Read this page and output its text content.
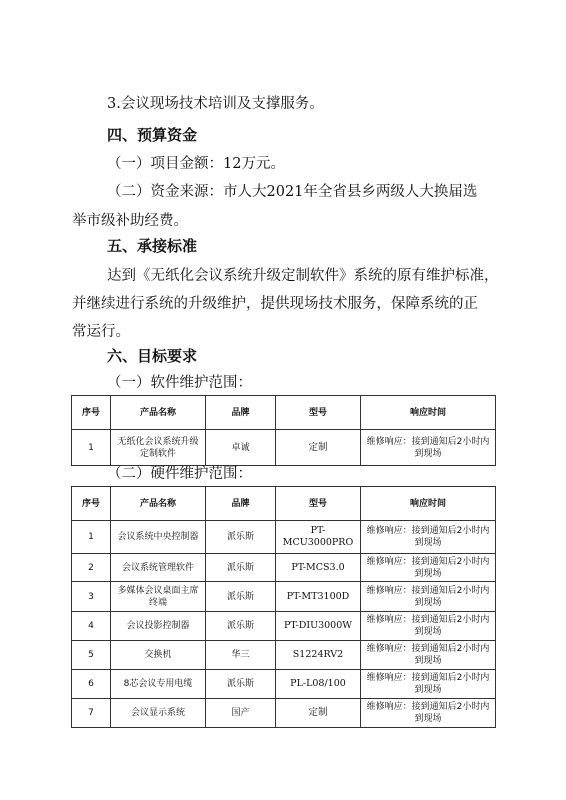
3.会议现场技术培训及支撑服务。
四、预算资金
（一）项目金额：12万元。
（二）资金来源：市人大2021年全省县乡两级人大换届选
举市级补助经费。
五、承接标准
达到《无纸化会议系统升级定制软件》系统的原有维护标准，
并继续进行系统的升级维护，提供现场技术服务，保障系统的正
常运行。
六、目标要求
（一）软件维护范围：
序号	产品名称	品牌	型号	响应时间
1	无纸化会议系统升级定制软件	卓诚	定制	维修响应：接到通知后2小时内到现场
（二）硬件维护范围：
序号	产品名称	品牌	型号	响应时间
1	会议系统中央控制器	派乐斯	PT-MCU3000PRO	维修响应：接到通知后2小时内到现场
2	会议系统管理软件	派乐斯	PT-MCS3.0	维修响应：接到通知后2小时内到现场
3	多媒体会议桌面主席终端	派乐斯	PT-MT3100D	维修响应：接到通知后2小时内到现场
4	会议投影控制器	派乐斯	PT-DIU3000W	维修响应：接到通知后2小时内到现场
5	交换机	华三	S1224RV2	维修响应：接到通知后2小时内到现场
6	8芯会议专用电缆	派乐斯	PL-L08/100	维修响应：接到通知后2小时内到现场
7	会议显示系统	国产	定制	维修响应：接到通知后2小时内到现场
